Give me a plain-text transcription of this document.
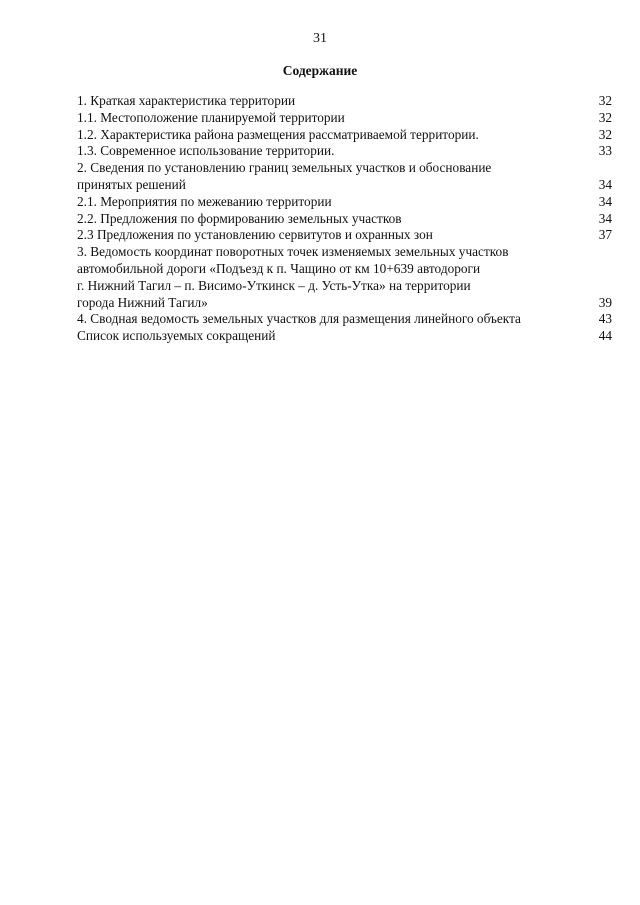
31
Содержание
1. Краткая характеристика территории	32
1.1. Местоположение планируемой территории	32
1.2. Характеристика района размещения рассматриваемой территории.	32
1.3. Современное использование территории.	33
2. Сведения по установлению границ земельных участков и обоснование
принятых решений	34
2.1. Мероприятия по межеванию территории	34
2.2. Предложения по формированию земельных участков	34
2.3 Предложения по установлению сервитутов и охранных зон	37
3. Ведомость координат поворотных точек изменяемых земельных участков
автомобильной дороги «Подъезд к п. Чащино от км 10+639 автодороги
г. Нижний Тагил – п. Висимо-Уткинск – д. Усть-Утка» на территории
города Нижний Тагил»	39
4. Сводная ведомость земельных участков для размещения линейного объекта	43
Список используемых сокращений	44
